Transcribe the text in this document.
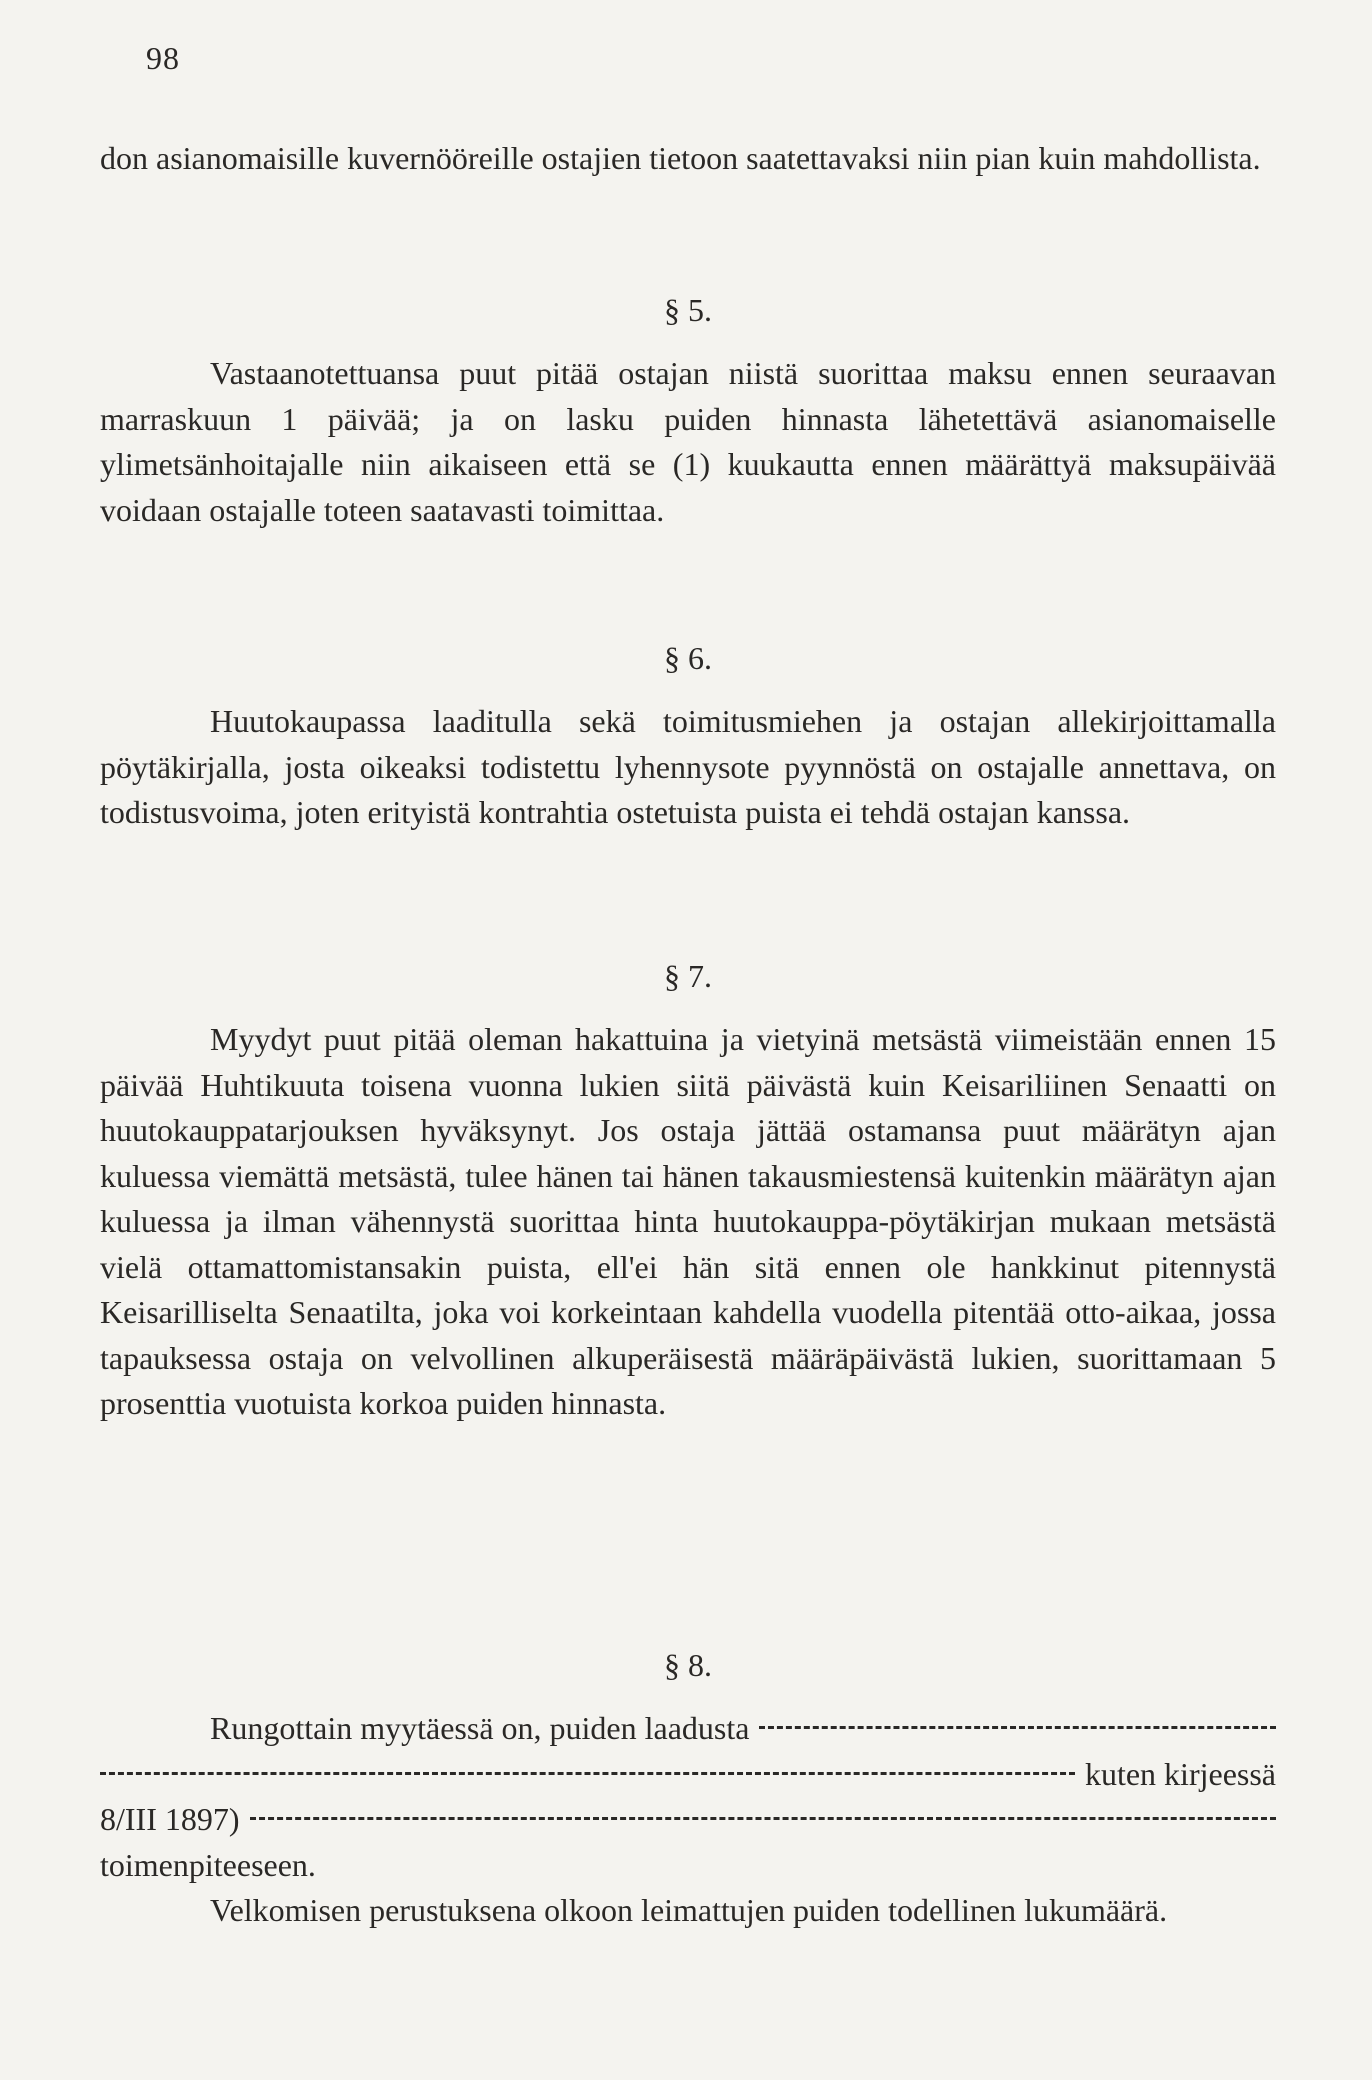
98

don asianomaisille kuvernööreille ostajien tietoon saatettavaksi niin pian kuin mahdollista.

§ 5.

Vastaanotettuansa puut pitää ostajan niistä suorittaa maksu ennen seuraavan marraskuun 1 päivää; ja on lasku puiden hinnasta lähetettävä asianomaiselle ylimetsänhoitajalle niin aikaiseen että se (1) kuukautta ennen määrättyä maksupäivää voidaan ostajalle toteen saatavasti toimittaa.

§ 6.

Huutokaupassa laaditulla sekä toimitusmiehen ja ostajan allekirjoittamalla pöytäkirjalla, josta oikeaksi todistettu lyhennysote pyynnöstä on ostajalle annettava, on todistusvoima, joten erityistä kontrahtia ostetuista puista ei tehdä ostajan kanssa.

§ 7.

Myydyt puut pitää oleman hakattuina ja vietyinä metsästä viimeistään ennen 15 päivää Huhtikuuta toisena vuonna lukien siitä päivästä kuin Keisariliinen Senaatti on huutokauppatarjouksen hyväksynyt. Jos ostaja jättää ostamansa puut määrätyn ajan kuluessa viemättä metsästä, tulee hänen tai hänen takausmiestensä kuitenkin määrätyn ajan kuluessa ja ilman vähennystä suorittaa hinta huutokauppa-pöytäkirjan mukaan metsästä vielä ottamattomistansakin puista, ell'ei hän sitä ennen ole hankkinut pitennystä Keisarilliselta Senaatilta, joka voi korkeintaan kahdella vuodella pitentää otto-aikaa, jossa tapauksessa ostaja on velvollinen alkuperäisestä määräpäivästä lukien, suorittamaan 5 prosenttia vuotuista korkoa puiden hinnasta.

§ 8.

Rungottain myytäessä on, puiden laadusta
kuten kirjeessä
8/III 1897)

toimenpiteeseen.

Velkomisen perustuksena olkoon leimattujen puiden todellinen lukumäärä.
